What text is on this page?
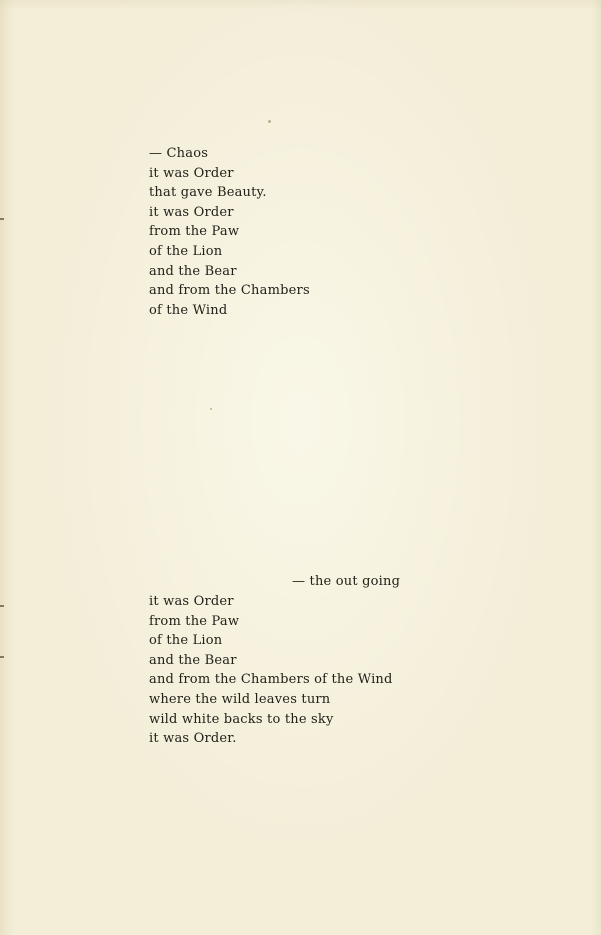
— Chaos
it was Order
that gave Beauty.
it was Order
from the Paw
of the Lion
and the Bear
and from the Chambers
of the Wind
— the out going
it was Order
from the Paw
of the Lion
and the Bear
and from the Chambers of the Wind
where the wild leaves turn
wild white backs to the sky
it was Order.
